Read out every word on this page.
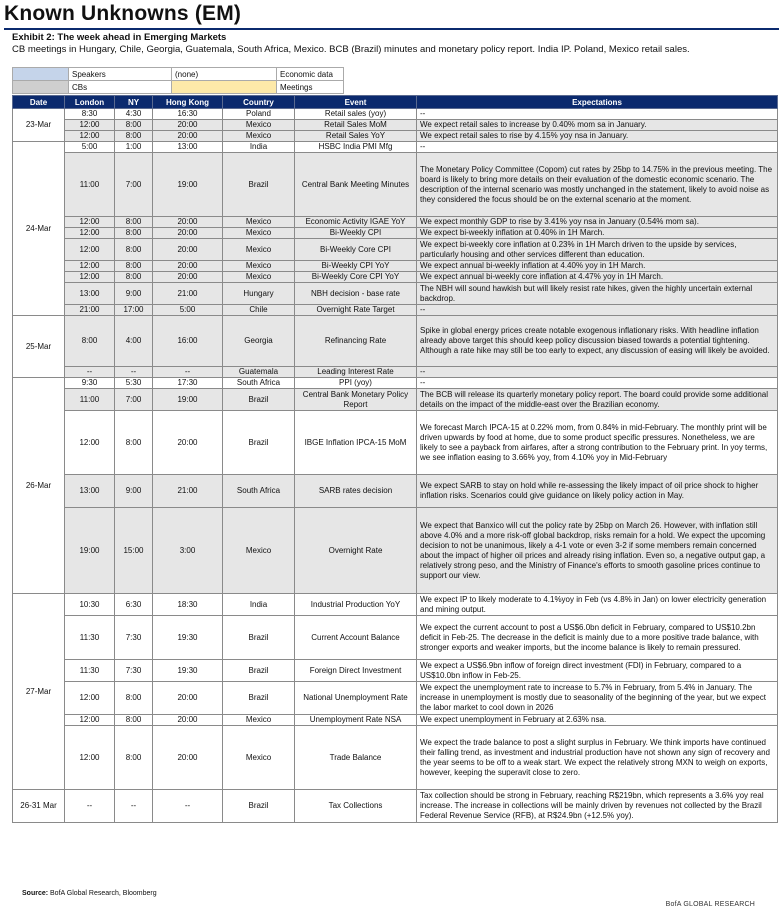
Known Unknowns (EM)
Exhibit 2: The week ahead in Emerging Markets
CB meetings in Hungary, Chile, Georgia, Guatemala, South Africa, Mexico. BCB (Brazil) minutes and monetary policy report. India IP. Poland, Mexico retail sales.
	Speakers	(none)	Economic data
	CBs		Meetings
Date	London	NY	Hong Kong	Country	Event	Expectations
23-Mar	8:30	4:30	16:30	Poland	Retail sales (yoy)	--
	12:00	8:00	20:00	Mexico	Retail Sales MoM	We expect retail sales to increase by 0.40% mom sa in January.
	12:00	8:00	20:00	Mexico	Retail Sales YoY	We expect retail sales to rise by 4.15% yoy nsa in January.
24-Mar	5:00	1:00	13:00	India	HSBC India PMI Mfg	--
	11:00	7:00	19:00	Brazil	Central Bank Meeting Minutes	The Monetary Policy Committee (Copom) cut rates by 25bp to 14.75% in the previous meeting. The board is likely to bring more details on their evaluation of the domestic economic scenario. The description of the internal scenario was mostly unchanged in the statement, likely to avoid noise as they considered the focus should be on the external scenario at the moment.
	12:00	8:00	20:00	Mexico	Economic Activity IGAE YoY	We expect monthly GDP to rise by 3.41% yoy nsa in January (0.54% mom sa).
	12:00	8:00	20:00	Mexico	Bi-Weekly CPI	We expect bi-weekly inflation at 0.40% in 1H March.
	12:00	8:00	20:00	Mexico	Bi-Weekly Core CPI	We expect bi-weekly core inflation at 0.23% in 1H March driven to the upside by services, particularly housing and other services different than education.
	12:00	8:00	20:00	Mexico	Bi-Weekly CPI YoY	We expect annual bi-weekly inflation at 4.40% yoy in 1H March.
	12:00	8:00	20:00	Mexico	Bi-Weekly Core CPI YoY	We expect annual bi-weekly core inflation at 4.47% yoy in 1H March.
	13:00	9:00	21:00	Hungary	NBH decision - base rate	The NBH will sound hawkish but will likely resist rate hikes, given the highly uncertain external backdrop.
	21:00	17:00	5:00	Chile	Overnight Rate Target	--
25-Mar	8:00	4:00	16:00	Georgia	Refinancing Rate	Spike in global energy prices create notable exogenous inflationary risks. With headline inflation already above target this should keep policy discussion biased towards a potential tightening. Although a rate hike may still be too early to expect, any discussion of easing will likely be avoided.
	--	--	--	Guatemala	Leading Interest Rate	--
26-Mar	9:30	5:30	17:30	South Africa	PPI (yoy)	--
	11:00	7:00	19:00	Brazil	Central Bank Monetary Policy Report	The BCB will release its quarterly monetary policy report. The board could provide some additional details on the impact of the middle-east over the Brazilian economy.
	12:00	8:00	20:00	Brazil	IBGE Inflation IPCA-15 MoM	We forecast March IPCA-15 at 0.22% mom, from 0.84% in mid-February. The monthly print will be driven upwards by food at home, due to some product specific pressures. Nonetheless, we are likely to see a payback from airfares, after a strong contribution to the February print. In yoy terms, we see inflation easing to 3.66% yoy, from 4.10% yoy in Mid-February
	13:00	9:00	21:00	South Africa	SARB rates decision	We expect SARB to stay on hold while re-assessing the likely impact of oil price shock to higher inflation risks. Scenarios could give guidance on likely policy action in May.
	19:00	15:00	3:00	Mexico	Overnight Rate	We expect that Banxico will cut the policy rate by 25bp on March 26. However, with inflation still above 4.0% and a more risk-off global backdrop, risks remain for a hold. We expect the upcoming decision to not be unanimous, likely a 4-1 vote or even 3-2 if some members remain concerned about the impact of higher oil prices and already rising inflation. Even so, a negative output gap, a relatively strong peso, and the Ministry of Finance's efforts to smooth gasoline prices continue to support our view.
27-Mar	10:30	6:30	18:30	India	Industrial Production YoY	We expect IP to likely moderate to 4.1%yoy in Feb (vs 4.8% in Jan) on lower electricity generation and mining output.
	11:30	7:30	19:30	Brazil	Current Account Balance	We expect the current account to post a US$6.0bn deficit in February, compared to US$10.2bn deficit in Feb-25. The decrease in the deficit is mainly due to a more positive trade balance, with stronger exports and weaker imports, but the income balance is likely to remain pressured.
	11:30	7:30	19:30	Brazil	Foreign Direct Investment	We expect a US$6.9bn inflow of foreign direct investment (FDI) in February, compared to a US$10.0bn inflow in Feb-25.
	12:00	8:00	20:00	Brazil	National Unemployment Rate	We expect the unemployment rate to increase to 5.7% in February, from 5.4% in January. The increase in unemployment is mostly due to seasonality of the beginning of the year, but we expect the labor market to cool down in 2026
	12:00	8:00	20:00	Mexico	Unemployment Rate NSA	We expect unemployment in February at 2.63% nsa.
	12:00	8:00	20:00	Mexico	Trade Balance	We expect the trade balance to post a slight surplus in February. We think imports have continued their falling trend, as investment and industrial production have not shown any sign of recovery and the year seems to be off to a weak start. We expect the relatively strong MXN to weigh on exports, however, keeping the superavit close to zero.
26-31 Mar	--	--	--	Brazil	Tax Collections	Tax collection should be strong in February, reaching R$219bn, which represents a 3.6% yoy real increase. The increase in collections will be mainly driven by revenues not collected by the Brazil Federal Revenue Service (RFB), at R$24.9bn (+12.5% yoy).
Source: BofA Global Research, Bloomberg
BofA GLOBAL RESEARCH
